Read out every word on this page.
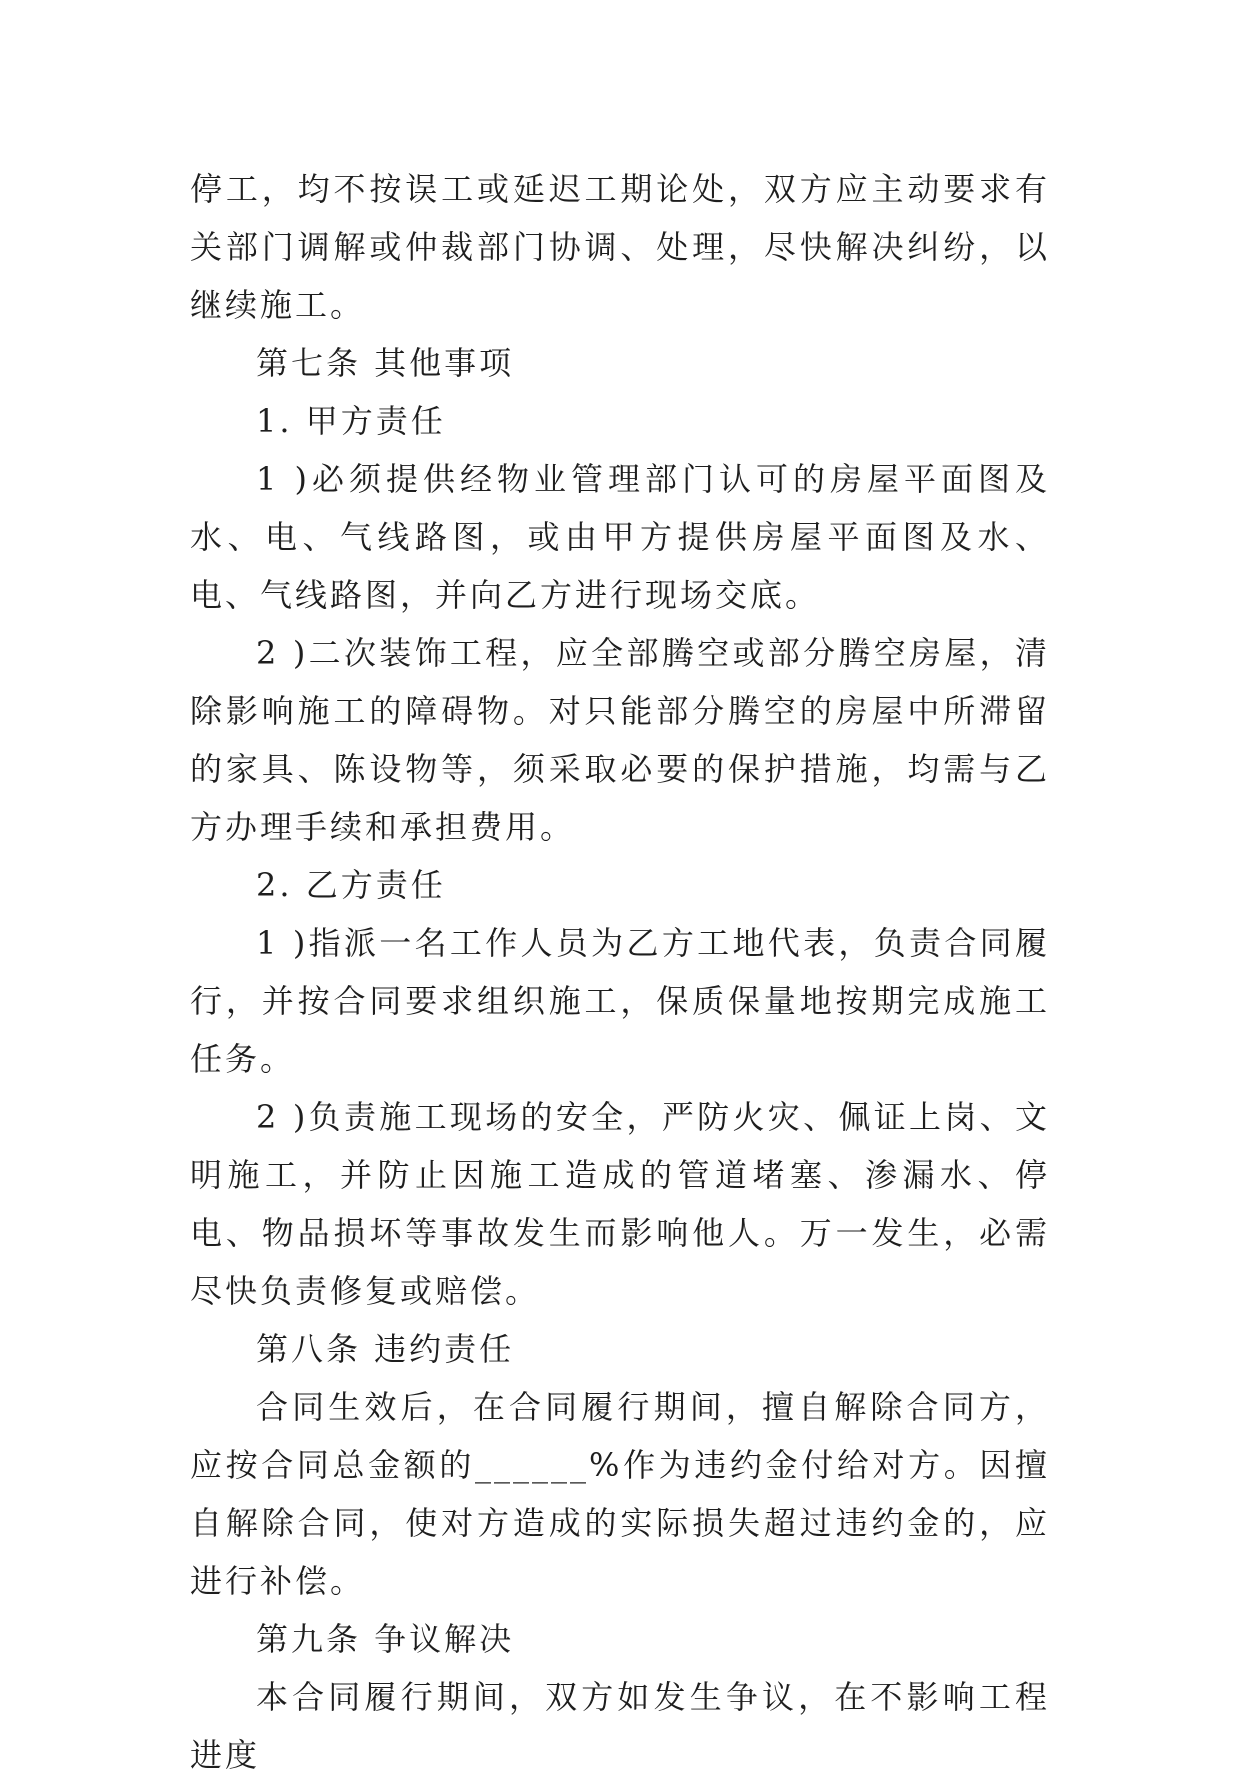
停工，均不按误工或延迟工期论处，双方应主动要求有关部门调解或仲裁部门协调、处理，尽快解决纠纷，以继续施工。

第七条 其他事项

1. 甲方责任

1 )必须提供经物业管理部门认可的房屋平面图及水、电、气线路图，或由甲方提供房屋平面图及水、电、气线路图，并向乙方进行现场交底。

2 )二次装饰工程，应全部腾空或部分腾空房屋，清除影响施工的障碍物。对只能部分腾空的房屋中所滞留的家具、陈设物等，须采取必要的保护措施，均需与乙方办理手续和承担费用。

2. 乙方责任

1 )指派一名工作人员为乙方工地代表，负责合同履行，并按合同要求组织施工，保质保量地按期完成施工任务。

2 )负责施工现场的安全，严防火灾、佩证上岗、文明施工，并防止因施工造成的管道堵塞、渗漏水、停电、物品损坏等事故发生而影响他人。万一发生，必需尽快负责修复或赔偿。

第八条 违约责任

合同生效后，在合同履行期间，擅自解除合同方，应按合同总金额的______%作为违约金付给对方。因擅自解除合同，使对方造成的实际损失超过违约金的，应进行补偿。

第九条 争议解决

本合同履行期间，双方如发生争议，在不影响工程进度
